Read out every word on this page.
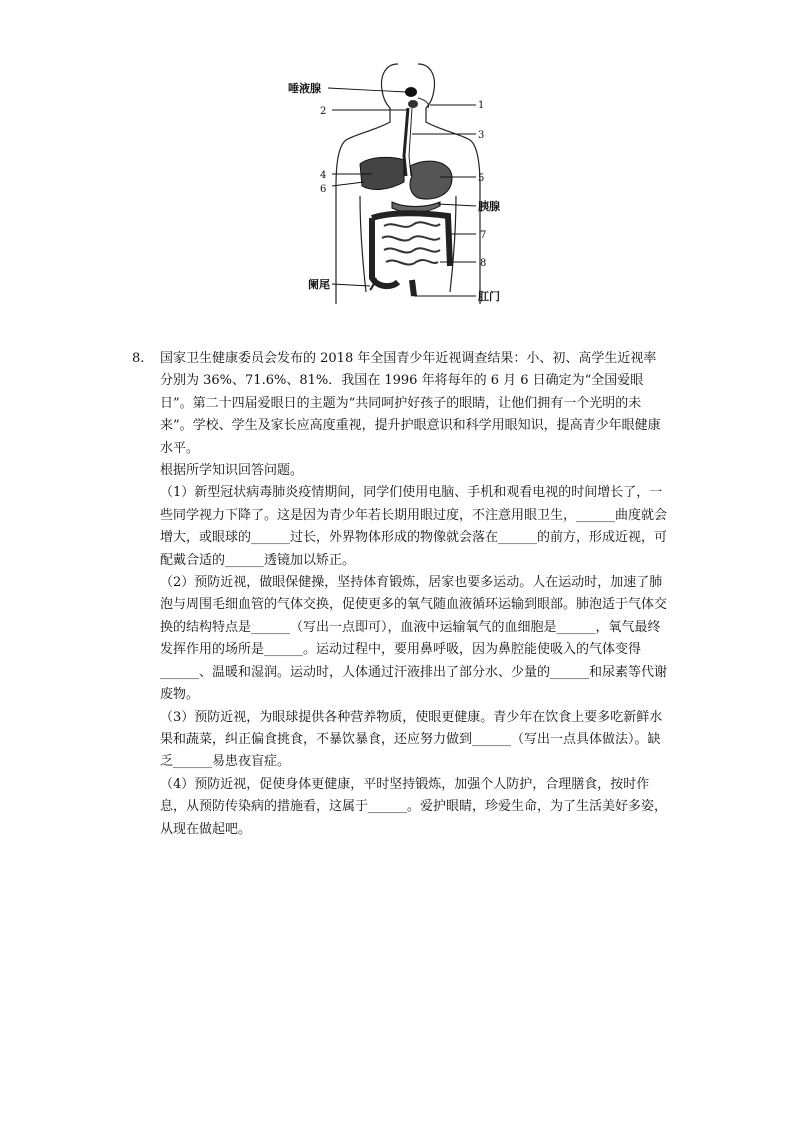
唾液腺
2
1
3
4
6
5
胰腺
7
8
阑尾
肛门
8. 国家卫生健康委员会发布的 2018 年全国青少年近视调查结果：小、初、高学生近视率分别为 36%、71.6%、81%．我国在 1996 年将每年的 6 月 6 日确定为“全国爱眼日”。第二十四届爱眼日的主题为“共同呵护好孩子的眼睛，让他们拥有一个光明的未来”。学校、学生及家长应高度重视，提升护眼意识和科学用眼知识，提高青少年眼健康水平。

根据所学知识回答问题。

（1）新型冠状病毒肺炎疫情期间，同学们使用电脑、手机和观看电视的时间增长了，一些同学视力下降了。这是因为青少年若长期用眼过度，不注意用眼卫生，______曲度就会增大，或眼球的______过长，外界物体形成的物像就会落在______的前方，形成近视，可配戴合适的______透镜加以矫正。

（2）预防近视，做眼保健操，坚持体育锻炼，居家也要多运动。人在运动时，加速了肺泡与周围毛细血管的气体交换，促使更多的氧气随血液循环运输到眼部。肺泡适于气体交换的结构特点是______（写出一点即可），血液中运输氧气的血细胞是______，氧气最终发挥作用的场所是______。运动过程中，要用鼻呼吸，因为鼻腔能使吸入的气体变得______、温暖和湿润。运动时，人体通过汗液排出了部分水、少量的______和尿素等代谢废物。

（3）预防近视，为眼球提供各种营养物质，使眼更健康。青少年在饮食上要多吃新鲜水果和蔬菜，纠正偏食挑食，不暴饮暴食，还应努力做到______（写出一点具体做法）。缺乏______易患夜盲症。

（4）预防近视，促使身体更健康，平时坚持锻炼，加强个人防护，合理膳食，按时作息，从预防传染病的措施看，这属于______。爱护眼睛，珍爱生命，为了生活美好多姿，从现在做起吧。
